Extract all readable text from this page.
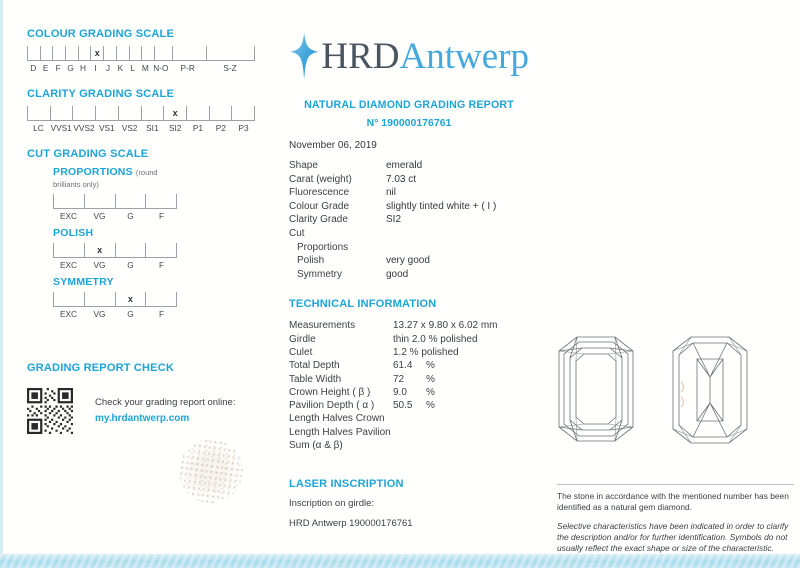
COLOUR GRADING SCALE
x
D E F G H I	J K L M N-O	P-R	S-Z
CLARITY GRADING SCALE
x
LC VVS1 VVS2 VS1 VS2	SI1	SI2	P1	P2	P3
CUT GRADING SCALE
PROPORTIONS (round brilliants only)
EXC	VG	G	F
POLISH
x
EXC	VG	G	F
SYMMETRY
x
EXC	VG	G	F
GRADING REPORT CHECK
Check your grading report online:
my.hrdantwerp.com
HRDAntwerp
NATURAL DIAMOND GRADING REPORT
N° 190000176761
November 06, 2019
Shape	emerald
Carat (weight)	7.03 ct
Fluorescence	nil
Colour Grade	slightly tinted white + ( I )
Clarity Grade	SI2
Cut
Proportions
Polish	very good
Symmetry	good
TECHNICAL INFORMATION
Measurements	13.27 x 9.80 x 6.02 mm
Girdle	thin 2.0 % polished
Culet	1.2 % polished
Total Depth	61.4	%
Table Width	72	%
Crown Height ( β )	9.0	%
Pavilion Depth ( α )	50.5	%
Length Halves Crown
Length Halves Pavilion
Sum (α & β)
LASER INSCRIPTION
Inscription on girdle:
HRD Antwerp 190000176761
The stone in accordance with the mentioned number has been identified as a natural gem diamond.
Selective characteristics have been indicated in order to clarify the description and/or for further identification. Symbols do not usually reflect the exact shape or size of the characteristic.
